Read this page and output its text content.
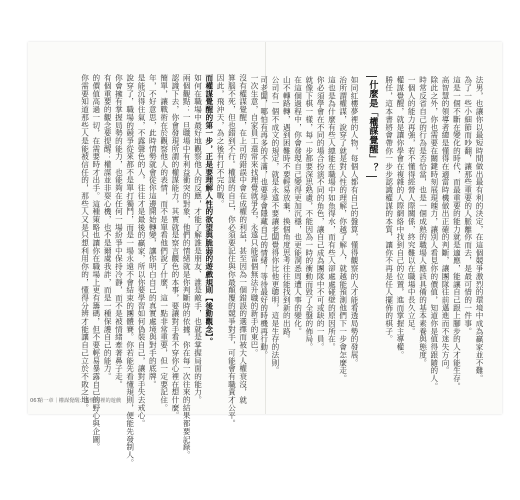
一次生意，自家員工還常來找理覺就爭名，永遠只能當個無法升職的新手的東巴。
沒有權謀覺醒，在上司的錯誤中會在成權的利益，甚至因為一個錯誤的選擇而被大人權衰沒，就
算腦不死，但也錯到不行。權謀的自己，你必須要記住與你最顛覆的競爭對手，可能會有職責才公平。
因此，飛沖天，為之後有打不完的戰。
而權謀覺醒的第一步，正是要理解人性的欲望與脆弱的遊戲規則【後勤觀念】。
如何在職場中最好地觀察他人的反應，才能了解誰是朋友、誰是敵手，也就是掌握局面的能力。
兩個觀點：一旦職場中有利益衝突的對象，他們的情緒就是你判斷時的依據，你在每一次往來的結果都要記錄。
認識下去，你會發現所謂的權謀能力，其實就是察言觀色的本事，要讓對手看不穿你心裡在想什麼。
簡單，讓戰術在於觀察他人的表情，而不是單看他們說了什麼，這一點非常重要，但一定要記住。
年，不好意思，此時情勢就會從你這邊開始轉變，讓你明白自己的真實處境與對手的底牌。
是能沉得住氣，不露聲色的人，往往才是最後的贏家，所以你要學習如何偽裝自己，讓對手失去戒心。
說穿了，職場的競爭從來都不是單打獨鬥，而是一場永遠不會結束的團體賽。你若能先看懂規則，便能先發制人。
你會擁有掌握局勢的能力，也能夠在任何一場紛爭中保持冷靜，而不是被情緒牽著鼻子走。
有個重要的觀念要提醒：權謀並非耍心機，也不是爾虞我詐，而是一種保護自己的能力。
的價值高過一切，在需要時才出手。這種策略也讓你在職場上更有籌碼，但不要輕易暴露自己的野心與企圖。
你需要知道那些人是能被信任的，那些人又是只想利用你的，懂得分辨才能讓自己立於不敗之地。
第一章｜權謀覺醒：看懂表裡的遊戲
067
法男，也讓你以最短時間做出最有利的決定，在這個競爭激烈的環境中成為贏家並不難。
為了一些小細節而吵翻，讓那些重要的人脈離你而去，是最可惜的一件事。
這是一個不斷在變化的時代，而最重要的能力就是適應，能讓自己跟上腳步的人才能生存。
高智慧的領導者總是懂得在適當時機做出正確的判斷，讓團隊往前邁進而不迷失方向。
除此之外，你也需要在關鍵時刻展現魄力，讓別人看見你的價值，知道你是值得跟隨的人。
時常反省自己的行為是否恰當，也是一個成熟的職場人應該具備的基本素養與態度。
一個人的能力再強，若不懂得經營人際關係，終究難以在職場中長久立足。
權謀覺醒，就是讓你學會在複雜的人際網絡中找到自己的位置，進而掌握主導權。
勝任，這本書將會帶你一步步認識權謀的本質，讓你不再是任人擺佈的棋子。
什麼是「權謀覺醒」？
如同紅樓夢裡的人物，每個人都有自己的盤算，懂得觀察的人才能看透局勢的發展。
治所謂權謀，說穿了就是對人性的理解，你越了解人，就越能預測他們下一步會怎麼走。
這也是為什麼有些人總能在職場中如魚得水，而有些人卻處處碰壁的原因所在。
你必須學會在不同的場合扮演不同的角色，讓自己成為團隊中不可或缺的一員。
就像下棋一樣，每一步都要深思熟慮，不能因為一時的衝動而毀了全盤的佈局。
在這個過程中，你會發現自己變得更加沉穩，也更能洞悉周遭人事的變化。
山不轉路轉，遇到困難時不要輕易放棄，換個角度思考往往能找到新的出路。
公司有一個不成文的規定，就是永遠不要讓老闆覺得你比他更聰明，這是生存的法則。
司老闆，哪怕有再多的不滿，也要學會隱藏自己的情緒，等待最好的時機再行動。
